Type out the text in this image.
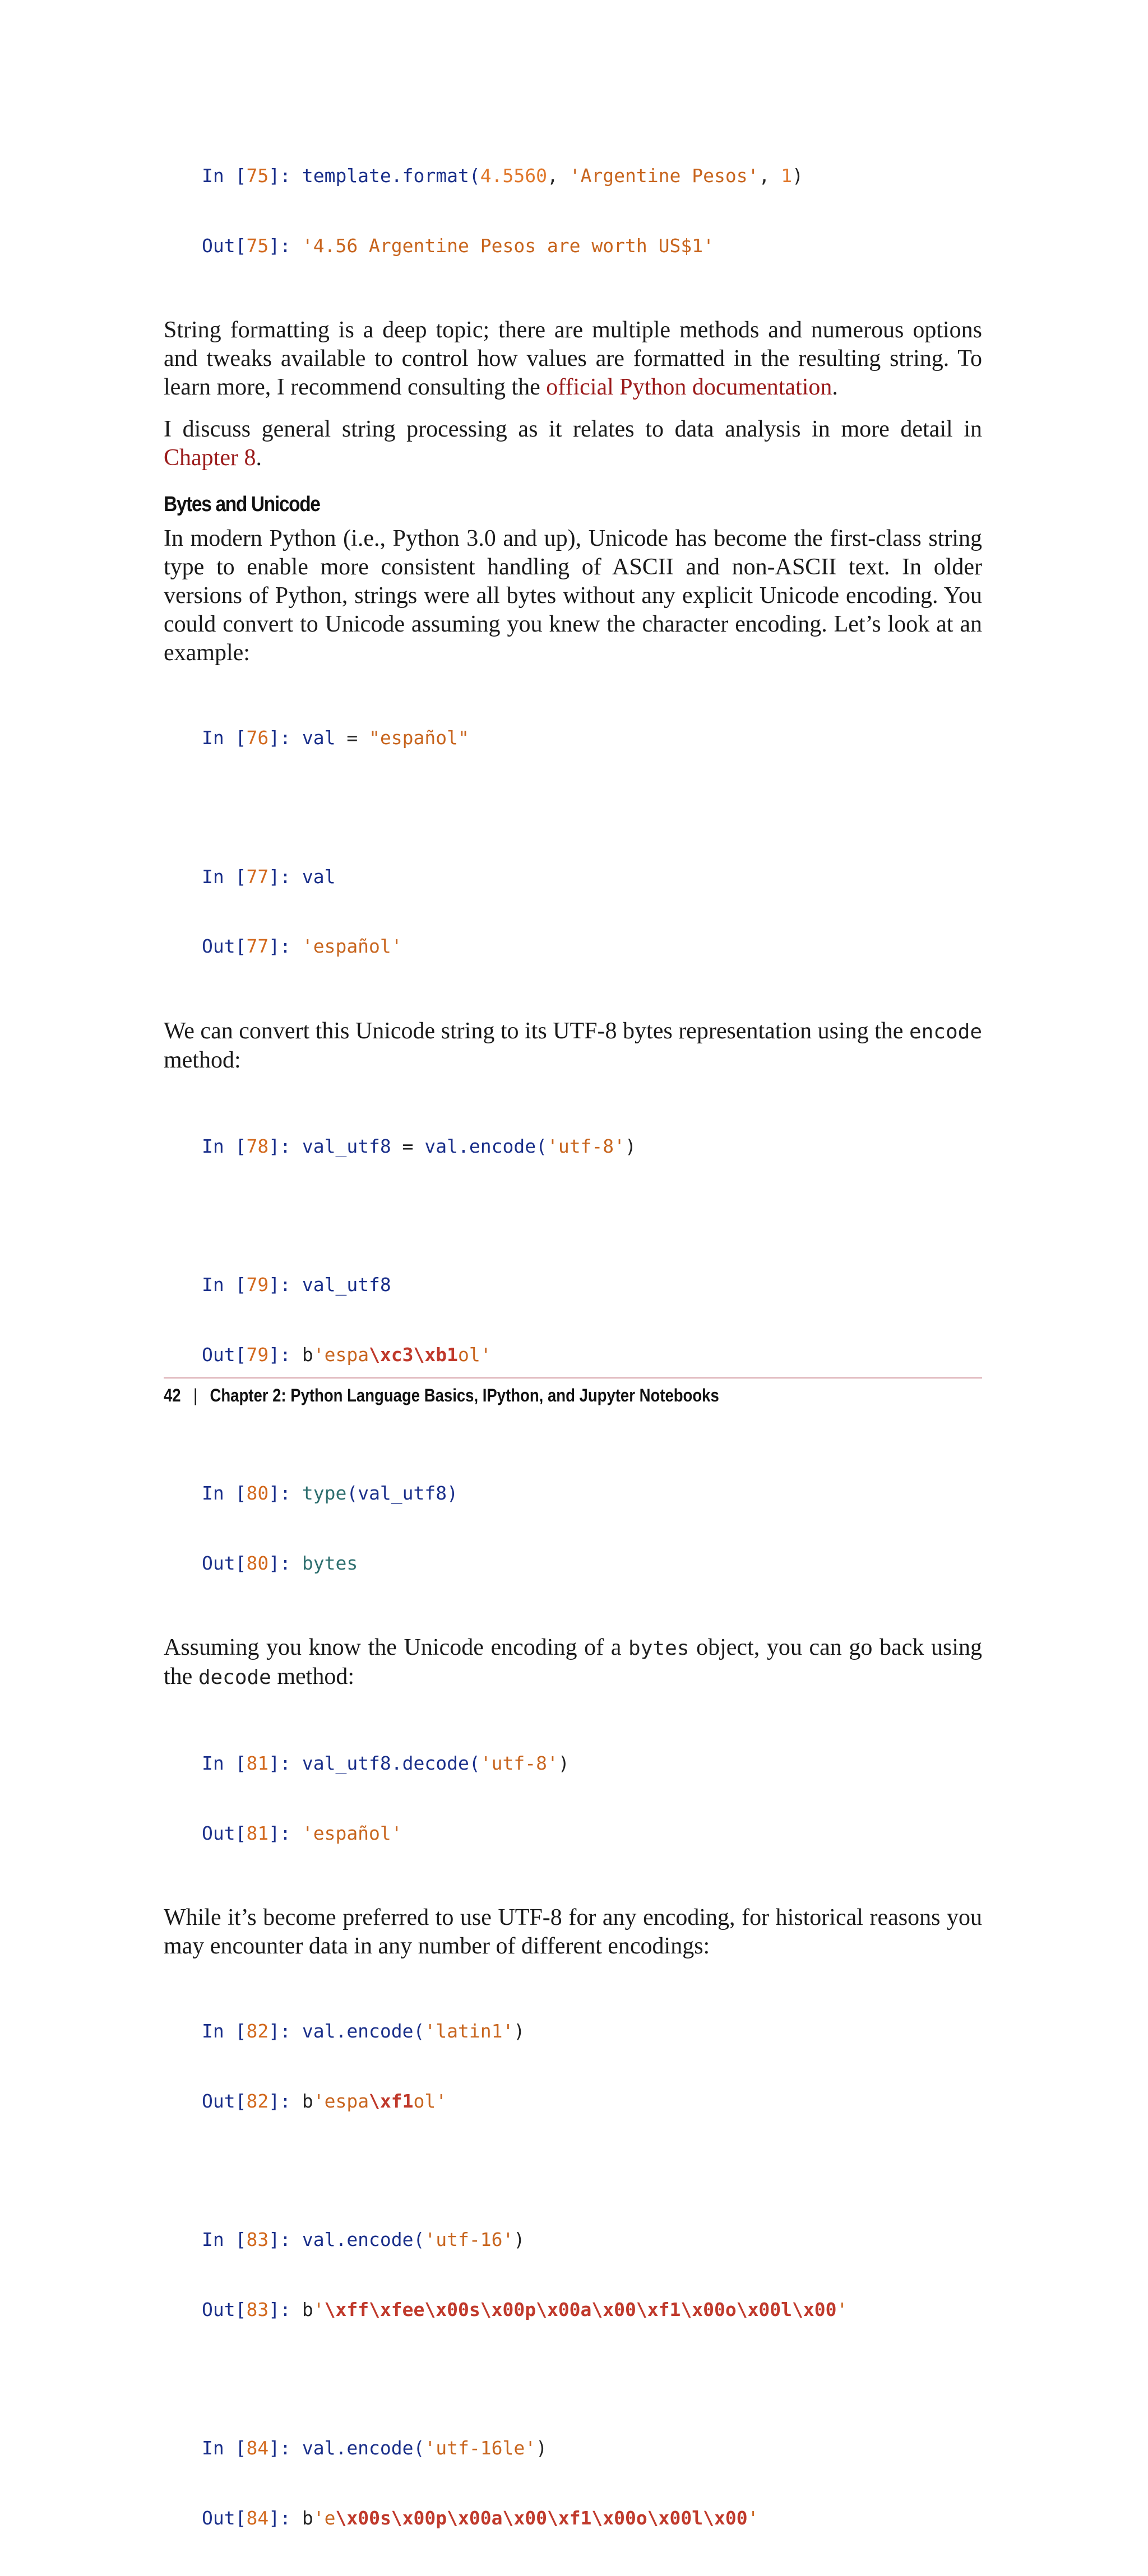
In [75]: template.format(4.5560, 'Argentine Pesos', 1)

Out[75]: '4.56 Argentine Pesos are worth US$1'

String formatting is a deep topic; there are multiple methods and numerous options and tweaks available to control how values are formatted in the resulting string. To learn more, I recommend consulting the official Python documentation.

I discuss general string processing as it relates to data analysis in more detail in Chapter 8.

Bytes and Unicode

In modern Python (i.e., Python 3.0 and up), Unicode has become the first-class string type to enable more consistent handling of ASCII and non-ASCII text. In older versions of Python, strings were all bytes without any explicit Unicode encoding. You could convert to Unicode assuming you knew the character encoding. Let’s look at an example:

In [76]: val = "español"

In [77]: val

Out[77]: 'español'

We can convert this Unicode string to its UTF-8 bytes representation using the encode method:

In [78]: val_utf8 = val.encode('utf-8')

In [79]: val_utf8

Out[79]: b'espa\xc3\xb1ol'

In [80]: type(val_utf8)

Out[80]: bytes

Assuming you know the Unicode encoding of a bytes object, you can go back using the decode method:

In [81]: val_utf8.decode('utf-8')

Out[81]: 'español'

While it’s become preferred to use UTF-8 for any encoding, for historical reasons you may encounter data in any number of different encodings:

In [82]: val.encode('latin1')

Out[82]: b'espa\xf1ol'

In [83]: val.encode('utf-16')

Out[83]: b'\xff\xfee\x00s\x00p\x00a\x00\xf1\x00o\x00l\x00'

In [84]: val.encode('utf-16le')

Out[84]: b'e\x00s\x00p\x00a\x00\xf1\x00o\x00l\x00'

42 | Chapter 2: Python Language Basics, IPython, and Jupyter Notebooks
